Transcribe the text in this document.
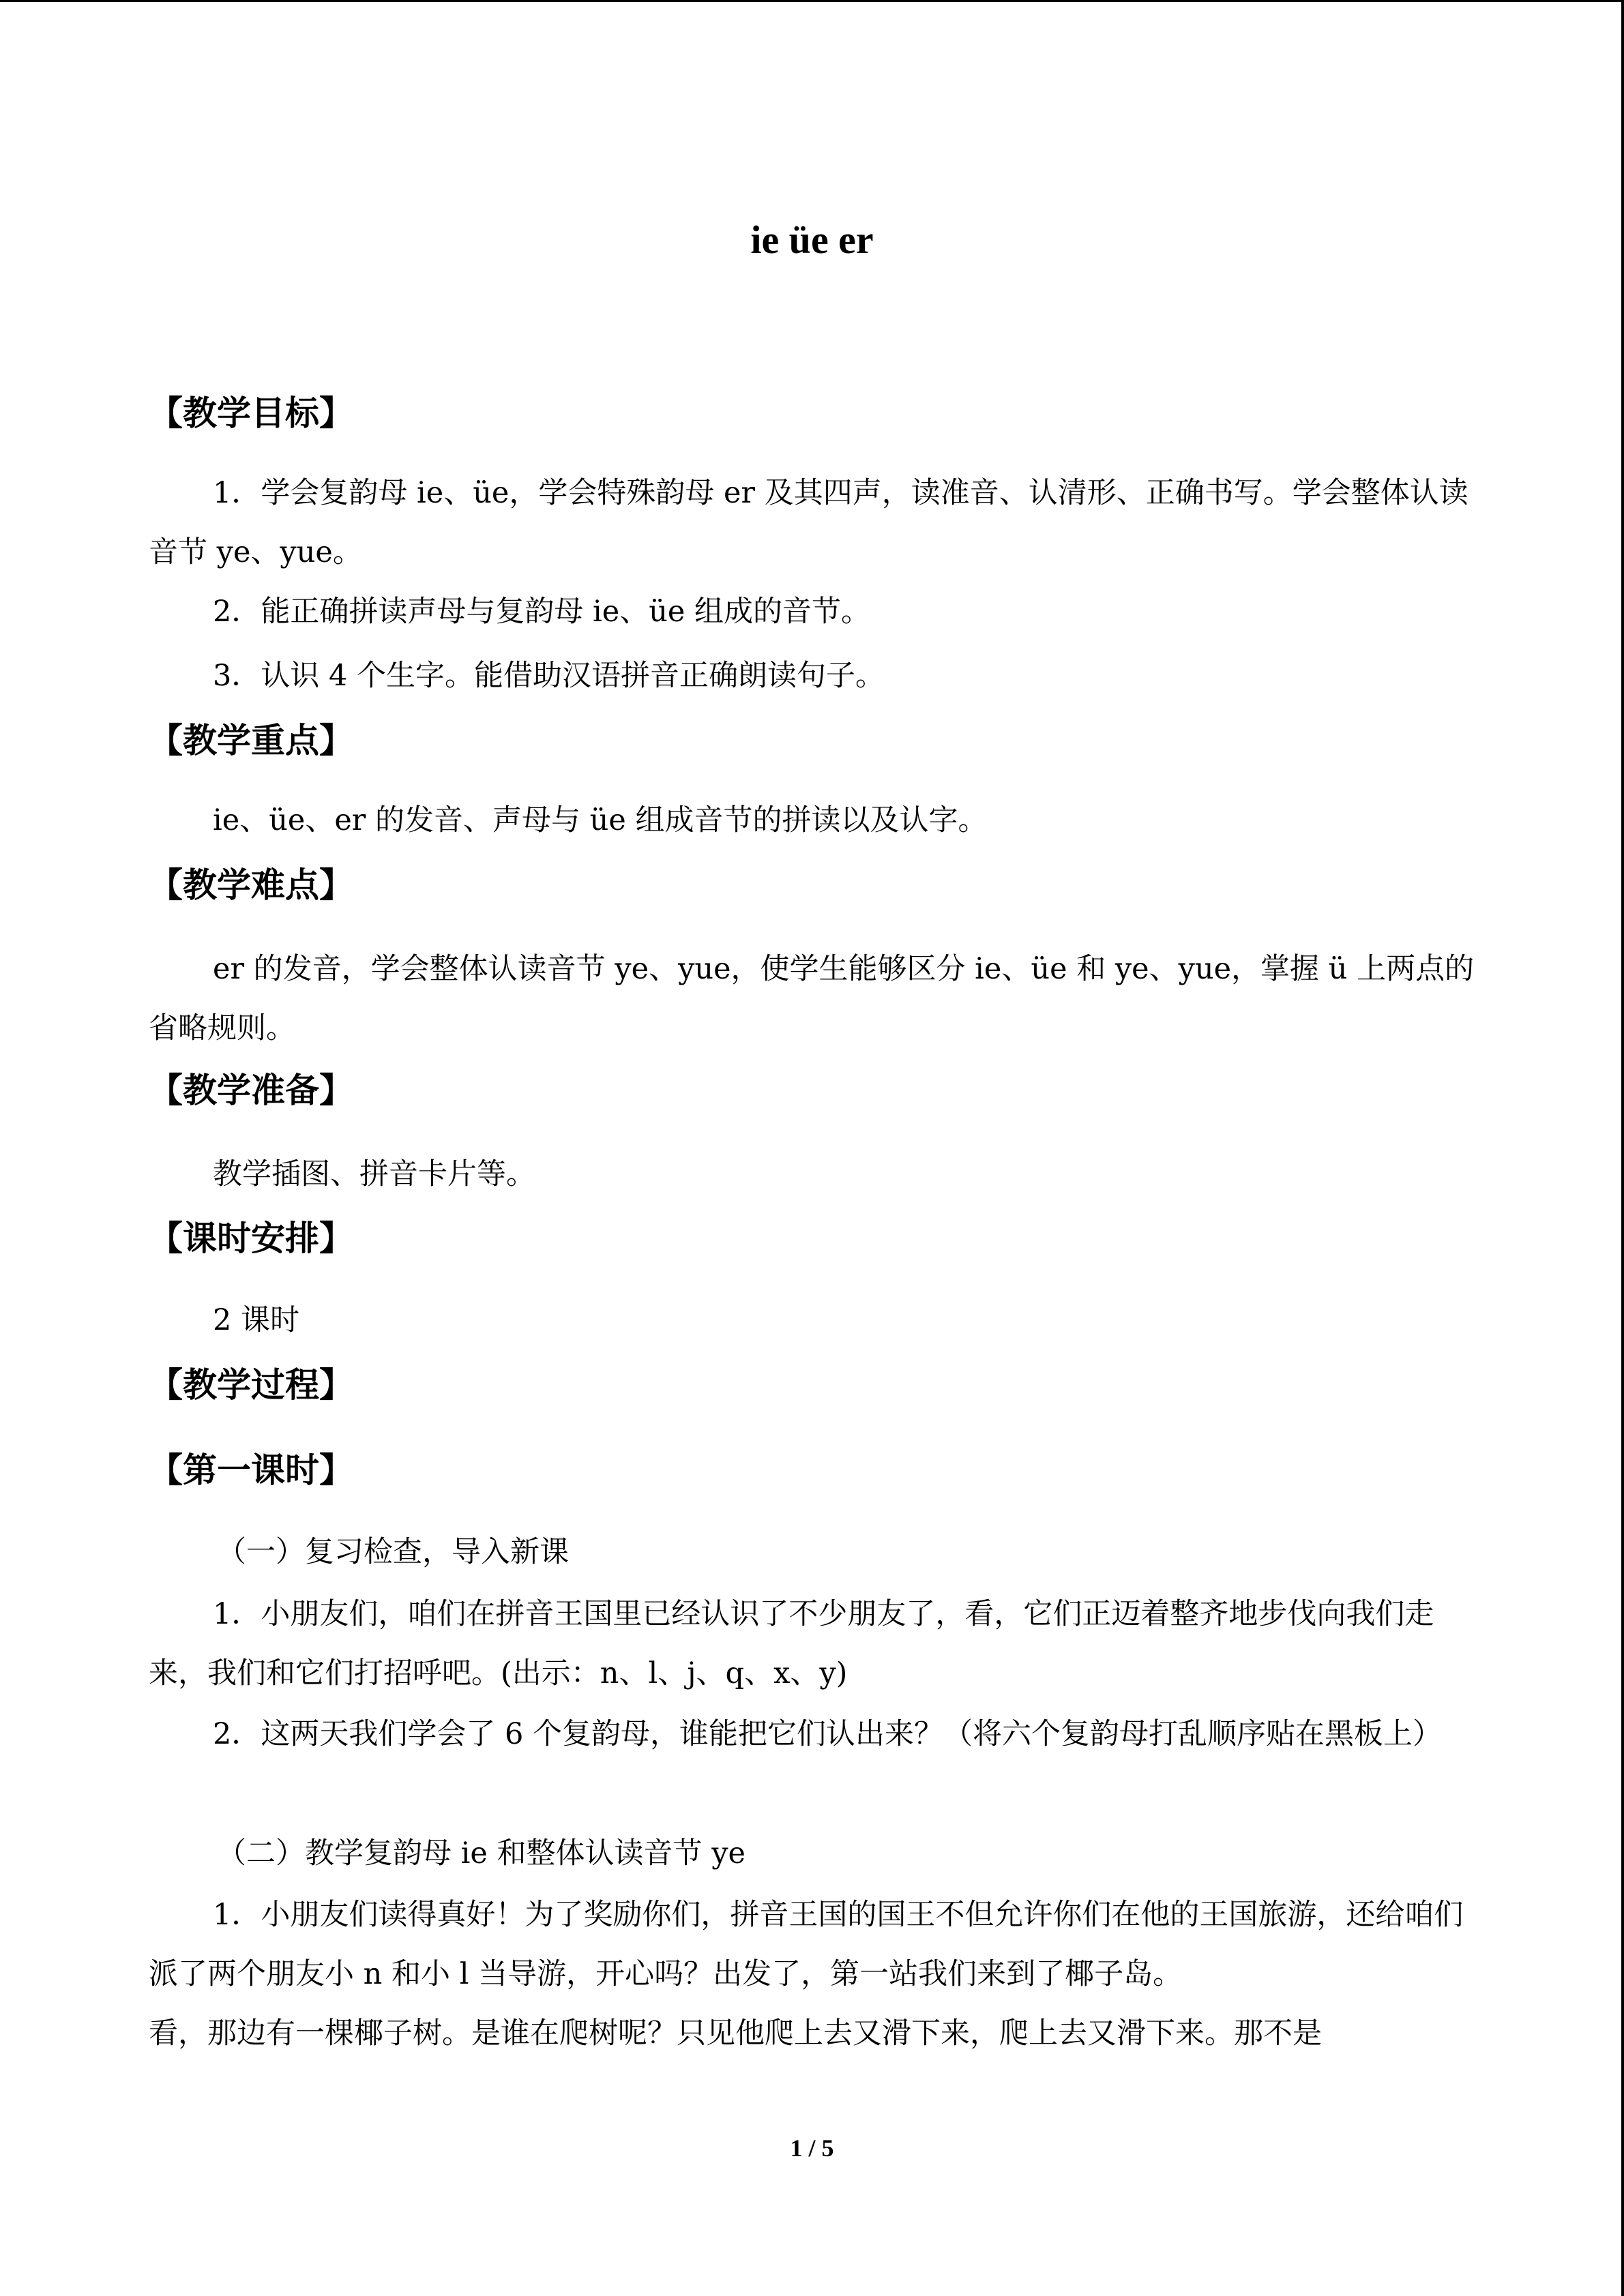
ie üe er
【教学目标】
1．学会复韵母 ie、üe，学会特殊韵母 er 及其四声，读准音、认清形、正确书写。学会整体认读音节 ye、yue。
2．能正确拼读声母与复韵母 ie、üe 组成的音节。
3．认识 4 个生字。能借助汉语拼音正确朗读句子。
【教学重点】
ie、üe、er 的发音、声母与 üe 组成音节的拼读以及认字。
【教学难点】
er 的发音，学会整体认读音节 ye、yue，使学生能够区分 ie、üe 和 ye、yue，掌握 ü 上两点的省略规则。
【教学准备】
教学插图、拼音卡片等。
【课时安排】
2 课时
【教学过程】
【第一课时】
（一）复习检查，导入新课
1．小朋友们，咱们在拼音王国里已经认识了不少朋友了，看，它们正迈着整齐地步伐向我们走来，我们和它们打招呼吧。(出示：n、l、j、q、x、y)
2．这两天我们学会了 6 个复韵母，谁能把它们认出来？（将六个复韵母打乱顺序贴在黑板上）
（二）教学复韵母 ie 和整体认读音节 ye
1．小朋友们读得真好！为了奖励你们，拼音王国的国王不但允许你们在他的王国旅游，还给咱们派了两个朋友小 n 和小 l 当导游，开心吗？出发了，第一站我们来到了椰子岛。
看，那边有一棵椰子树。是谁在爬树呢？只见他爬上去又滑下来，爬上去又滑下来。那不是
1 / 5
